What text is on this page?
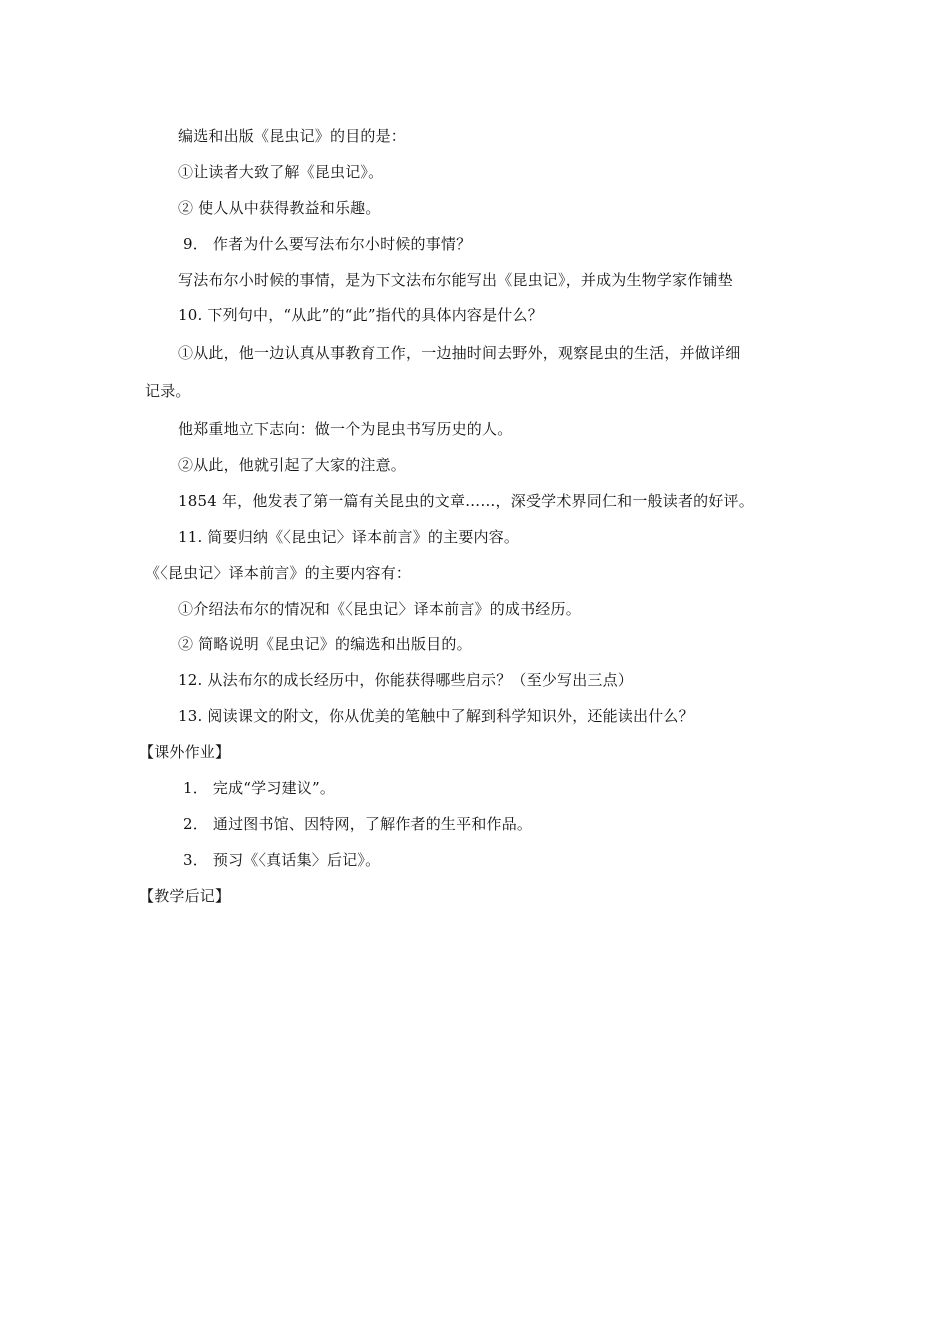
编选和出版《昆虫记》的目的是：
①让读者大致了解《昆虫记》。
② 使人从中获得教益和乐趣。
9． 作者为什么要写法布尔小时候的事情？
写法布尔小时候的事情，是为下文法布尔能写出《昆虫记》，并成为生物学家作铺垫
10. 下列句中，“从此”的“此”指代的具体内容是什么？
①从此，他一边认真从事教育工作，一边抽时间去野外，观察昆虫的生活，并做详细
记录。
他郑重地立下志向：做一个为昆虫书写历史的人。
②从此，他就引起了大家的注意。
1854 年，他发表了第一篇有关昆虫的文章……，深受学术界同仁和一般读者的好评。
11. 简要归纳《〈昆虫记〉译本前言》的主要内容。
《〈昆虫记〉译本前言》的主要内容有：
①介绍法布尔的情况和《〈昆虫记〉译本前言》的成书经历。
② 简略说明《昆虫记》的编选和出版目的。
12. 从法布尔的成长经历中，你能获得哪些启示？（至少写出三点）
13. 阅读课文的附文，你从优美的笔触中了解到科学知识外，还能读出什么？
【课外作业】
1． 完成“学习建议”。
2． 通过图书馆、因特网，了解作者的生平和作品。
3． 预习《〈真话集〉后记》。
【教学后记】
